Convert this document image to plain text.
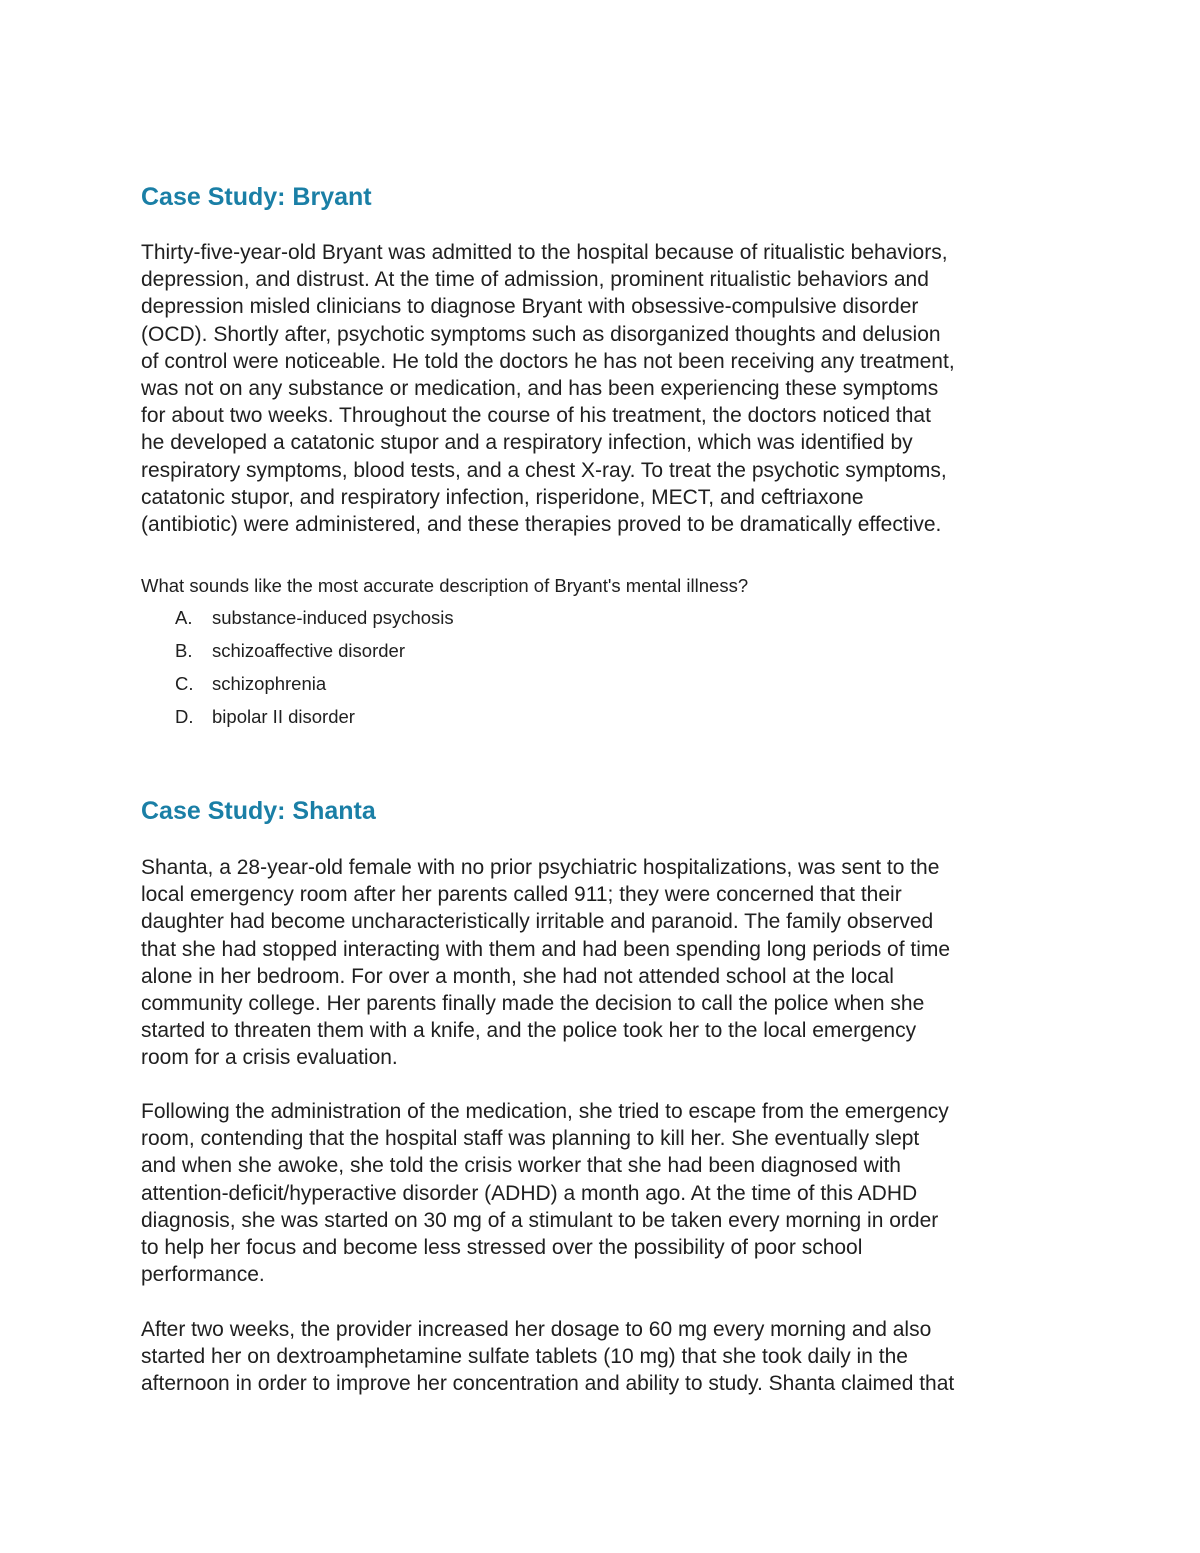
Case Study: Bryant

Thirty-five-year-old Bryant was admitted to the hospital because of ritualistic behaviors,
depression, and distrust. At the time of admission, prominent ritualistic behaviors and
depression misled clinicians to diagnose Bryant with obsessive-compulsive disorder
(OCD). Shortly after, psychotic symptoms such as disorganized thoughts and delusion
of control were noticeable. He told the doctors he has not been receiving any treatment,
was not on any substance or medication, and has been experiencing these symptoms
for about two weeks. Throughout the course of his treatment, the doctors noticed that
he developed a catatonic stupor and a respiratory infection, which was identified by
respiratory symptoms, blood tests, and a chest X-ray. To treat the psychotic symptoms,
catatonic stupor, and respiratory infection, risperidone, MECT, and ceftriaxone
(antibiotic) were administered, and these therapies proved to be dramatically effective.

What sounds like the most accurate description of Bryant's mental illness?

A. substance-induced psychosis
B. schizoaffective disorder
C. schizophrenia
D. bipolar II disorder
Case Study: Shanta

Shanta, a 28-year-old female with no prior psychiatric hospitalizations, was sent to the
local emergency room after her parents called 911; they were concerned that their
daughter had become uncharacteristically irritable and paranoid. The family observed
that she had stopped interacting with them and had been spending long periods of time
alone in her bedroom. For over a month, she had not attended school at the local
community college. Her parents finally made the decision to call the police when she
started to threaten them with a knife, and the police took her to the local emergency
room for a crisis evaluation.

Following the administration of the medication, she tried to escape from the emergency
room, contending that the hospital staff was planning to kill her. She eventually slept
and when she awoke, she told the crisis worker that she had been diagnosed with
attention-deficit/hyperactive disorder (ADHD) a month ago. At the time of this ADHD
diagnosis, she was started on 30 mg of a stimulant to be taken every morning in order
to help her focus and become less stressed over the possibility of poor school
performance.

After two weeks, the provider increased her dosage to 60 mg every morning and also
started her on dextroamphetamine sulfate tablets (10 mg) that she took daily in the
afternoon in order to improve her concentration and ability to study. Shanta claimed that
